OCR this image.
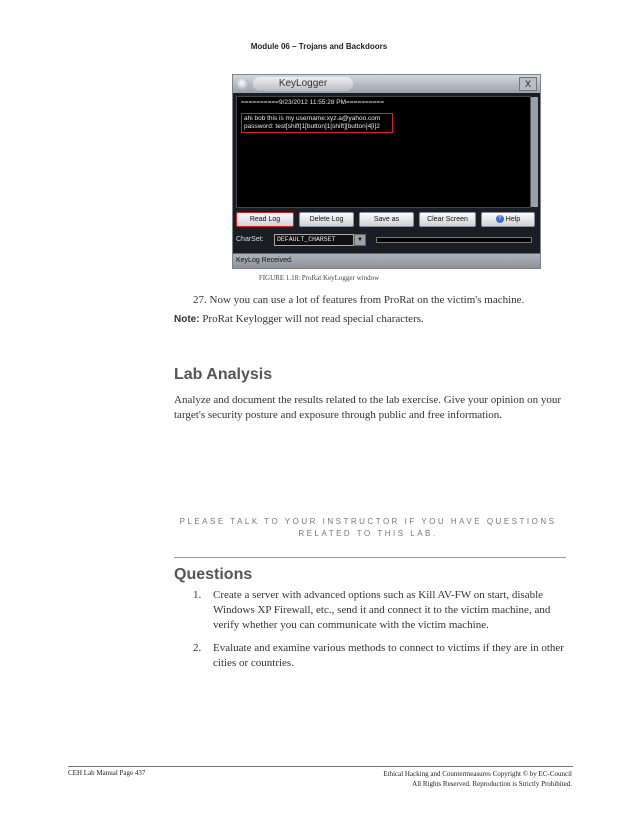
Module 06 – Trojans and Backdoors
KeyLogger	X
==========9/23/2012 11:55:28 PM==========
ahi bob this is my username:xyz.a@yahoo.com
password: test[shift]1[button]1[shift][button]4[l]2
Read Log	Delete Log	Save as	Clear Screen	? Help
CharSet:	DEFAULT_CHARSET	▼
KeyLog Received.
FIGURE 1.18: ProRat KeyLogger window
27. Now you can use a lot of features from ProRat on the victim's machine.
Note: ProRat Keylogger will not read special characters.
Lab Analysis
Analyze and document the results related to the lab exercise. Give your opinion on your target's security posture and exposure through public and free information.
PLEASE TALK TO YOUR INSTRUCTOR IF YOU HAVE QUESTIONS RELATED TO THIS LAB.
Questions
1. Create a server with advanced options such as Kill AV-FW on start, disable Windows XP Firewall, etc., send it and connect it to the victim machine, and verify whether you can communicate with the victim machine.
2. Evaluate and examine various methods to connect to victims if they are in other cities or countries.
CEH Lab Manual Page 437	Ethical Hacking and Countermeasures Copyright © by EC-Council
All Rights Reserved. Reproduction is Strictly Prohibited.
